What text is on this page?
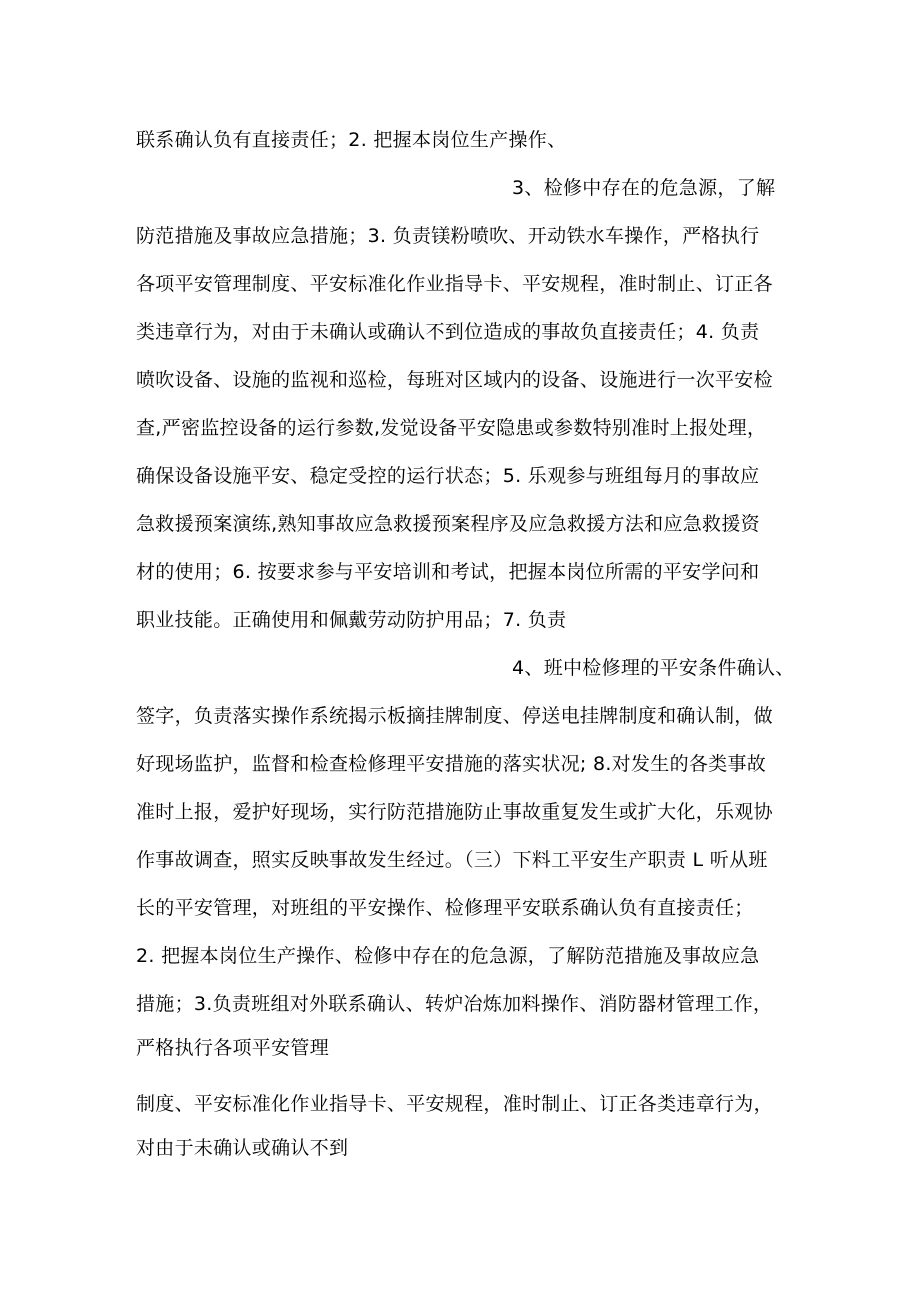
联系确认负有直接责任；2. 把握本岗位生产操作、
3、检修中存在的危急源，了解
防范措施及事故应急措施；3. 负责镁粉喷吹、开动铁水车操作，严格执行
各项平安管理制度、平安标准化作业指导卡、平安规程，准时制止、订正各
类违章行为，对由于未确认或确认不到位造成的事故负直接责任；4. 负责
喷吹设备、设施的监视和巡检，每班对区域内的设备、设施进行一次平安检
查,严密监控设备的运行参数,发觉设备平安隐患或参数特别准时上报处理，
确保设备设施平安、稳定受控的运行状态；5. 乐观参与班组每月的事故应
急救援预案演练,熟知事故应急救援预案程序及应急救援方法和应急救援资
材的使用；6. 按要求参与平安培训和考试，把握本岗位所需的平安学问和
职业技能。正确使用和佩戴劳动防护用品；7. 负责
4、班中检修理的平安条件确认、
签字，负责落实操作系统揭示板摘挂牌制度、停送电挂牌制度和确认制，做
好现场监护，监督和检查检修理平安措施的落实状况; 8.对发生的各类事故
准时上报，爱护好现场，实行防范措施防止事故重复发生或扩大化，乐观协
作事故调查，照实反映事故发生经过。（三）下料工平安生产职责 L 听从班
长的平安管理，对班组的平安操作、检修理平安联系确认负有直接责任；
2. 把握本岗位生产操作、检修中存在的危急源，了解防范措施及事故应急
措施；3.负责班组对外联系确认、转炉冶炼加料操作、消防器材管理工作，
严格执行各项平安管理
制度、平安标准化作业指导卡、平安规程，准时制止、订正各类违章行为，
对由于未确认或确认不到
